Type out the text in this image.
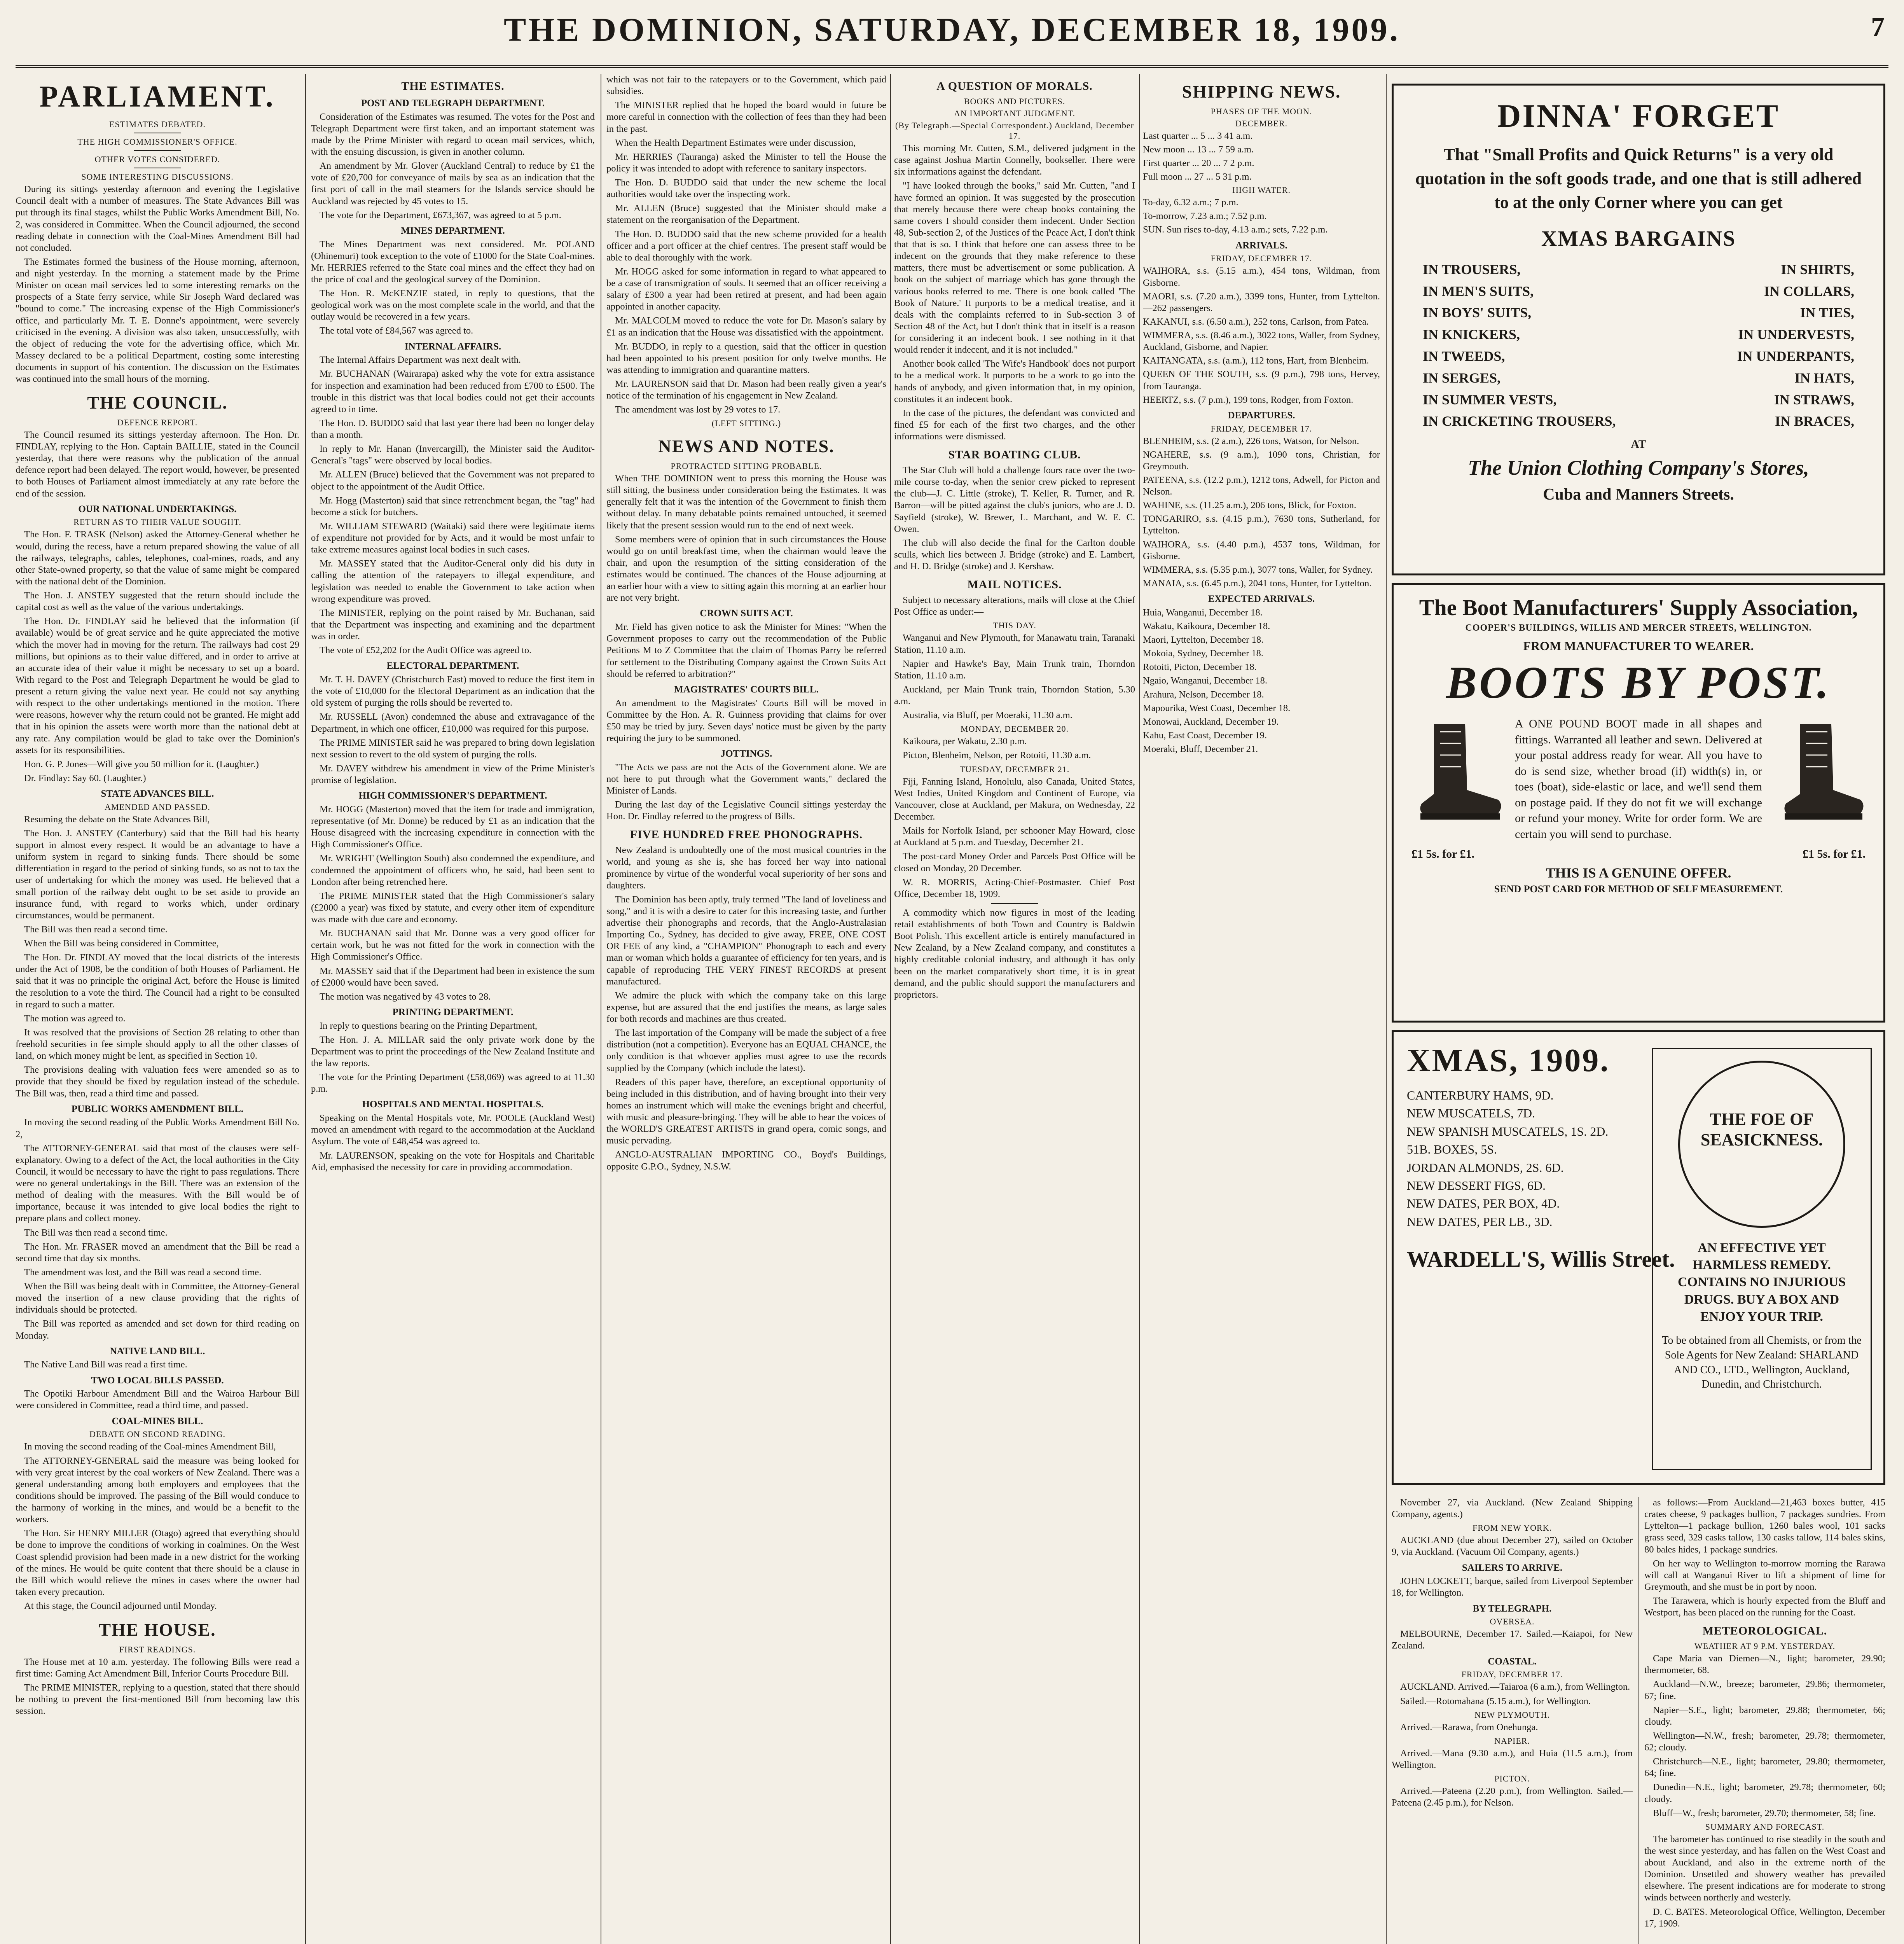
THE DOMINION, SATURDAY, DECEMBER 18, 1909.	7
PARLIAMENT.
ESTIMATES DEBATED.
THE HIGH COMMISSIONER'S OFFICE.
OTHER VOTES CONSIDERED.
SOME INTERESTING DISCUSSIONS.

During its sittings yesterday afternoon and evening the Legislative Council dealt with a number of measures. The State Advances Bill was put through its final stages, whilst the Public Works Amendment Bill, No. 2, was considered in Committee. When the Council adjourned, the second reading debate in connection with the Coal-Mines Amendment Bill had not concluded.

The Estimates formed the business of the House morning, afternoon, and night yesterday. In the morning a statement made by the Prime Minister on ocean mail services led to some interesting remarks on the prospects of a State ferry service, while Sir Joseph Ward declared was "bound to come." The increasing expense of the High Commissioner's office, and particularly Mr. T. E. Donne's appointment, were severely criticised in the evening. A division was also taken, unsuccessfully, with the object of reducing the vote for the advertising office, which Mr. Massey declared to be a political Department, costing some interesting documents in support of his contention. The discussion on the Estimates was continued into the small hours of the morning.

THE COUNCIL.
DEFENCE REPORT.

The Council resumed its sittings yesterday afternoon. The Hon. Dr. FINDLAY, replying to the Hon. Captain BAILLIE, stated in the Council yesterday, that there were reasons why the publication of the annual defence report had been delayed. The report would, however, be presented to both Houses of Parliament almost immediately at any rate before the end of the session.

OUR NATIONAL UNDERTAKINGS.
RETURN AS TO THEIR VALUE SOUGHT.

The Hon. F. TRASK (Nelson) asked the Attorney-General whether he would, during the recess, have a return prepared showing the value of all the railways, telegraphs, cables, telephones, coal-mines, roads, and any other State-owned property, so that the value of same might be compared with the national debt of the Dominion.

The Hon. J. ANSTEY suggested that the return should include the capital cost as well as the value of the various undertakings.

The Hon. Dr. FINDLAY said he believed that the information (if available) would be of great service and he quite appreciated the motive which the mover had in moving for the return. The railways had cost 29 millions, but opinions as to their value differed, and in order to arrive at an accurate idea of their value it might be necessary to set up a board. With regard to the Post and Telegraph Department he would be glad to present a return giving the value next year. He could not say anything with respect to the other undertakings mentioned in the motion. There were reasons, however why the return could not be granted. He might add that in his opinion the assets were worth more than the national debt at any rate. Any compilation would be glad to take over the Dominion's assets for its responsibilities.

Hon. G. P. Jones—Will give you 50 million for it. (Laughter.)

Dr. Findlay: Say 60. (Laughter.)

STATE ADVANCES BILL.
AMENDED AND PASSED.

Resuming the debate on the State Advances Bill,

The Hon. J. ANSTEY (Canterbury) said that the Bill had his hearty support in almost every respect. It would be an advantage to have a uniform system in regard to sinking funds. There should be some differentiation in regard to the period of sinking funds, so as not to tax the user of undertaking for which the money was used. He believed that a small portion of the railway debt ought to be set aside to provide an insurance fund, with regard to works which, under ordinary circumstances, would be permanent.

The Bill was then read a second time.

When the Bill was being considered in Committee,

The Hon. Dr. FINDLAY moved that the local districts of the interests under the Act of 1908, be the condition of both Houses of Parliament. He said that it was no principle the original Act, before the House is limited the resolution to a vote the third. The Council had a right to be consulted in regard to such a matter.

The motion was agreed to.

It was resolved that the provisions of Section 28 relating to other than freehold securities in fee simple should apply to all the other classes of land, on which money might be lent, as specified in Section 10.

The provisions dealing with valuation fees were amended so as to provide that they should be fixed by regulation instead of the schedule. The Bill was, then, read a third time and passed.

PUBLIC WORKS AMENDMENT BILL.

In moving the second reading of the Public Works Amendment Bill No. 2,

The ATTORNEY-GENERAL said that most of the clauses were self-explanatory. Owing to a defect of the Act, the local authorities in the City Council, it would be necessary to have the right to pass regulations. There were no general undertakings in the Bill. There was an extension of the method of dealing with the measures. With the Bill would be of importance, because it was intended to give local bodies the right to prepare plans and collect money.

The Bill was then read a second time.

The Hon. Mr. FRASER moved an amendment that the Bill be read a second time that day six months.

The amendment was lost, and the Bill was read a second time.

When the Bill was being dealt with in Committee, the Attorney-General moved the insertion of a new clause providing that the rights of individuals should be protected.

The Bill was reported as amended and set down for third reading on Monday.

NATIVE LAND BILL.

The Native Land Bill was read a first time.

TWO LOCAL BILLS PASSED.

The Opotiki Harbour Amendment Bill and the Wairoa Harbour Bill were considered in Committee, read a third time, and passed.

COAL-MINES BILL.
DEBATE ON SECOND READING.

In moving the second reading of the Coal-mines Amendment Bill,

The ATTORNEY-GENERAL said the measure was being looked for with very great interest by the coal workers of New Zealand. There was a general understanding among both employers and employees that the conditions should be improved. The passing of the Bill would conduce to the harmony of working in the mines, and would be a benefit to the workers.

The Hon. Sir HENRY MILLER (Otago) agreed that everything should be done to improve the conditions of working in coalmines. On the West Coast splendid provision had been made in a new district for the working of the mines. He would be quite content that there should be a clause in the Bill which would relieve the mines in cases where the owner had taken every precaution.

At this stage, the Council adjourned until Monday.

THE HOUSE.
FIRST READINGS.

The House met at 10 a.m. yesterday. The following Bills were read a first time: Gaming Act Amendment Bill, Inferior Courts Procedure Bill.

The PRIME MINISTER, replying to a question, stated that there should be nothing to prevent the first-mentioned Bill from becoming law this session.

THE ESTIMATES.
POST AND TELEGRAPH DEPARTMENT.

Consideration of the Estimates was resumed. The votes for the Post and Telegraph Department were first taken, and an important statement was made by the Prime Minister with regard to ocean mail services, which, with the ensuing discussion, is given in another column.

An amendment by Mr. Glover (Auckland Central) to reduce by £1 the vote of £20,700 for conveyance of mails by sea as an indication that the first port of call in the mail steamers for the Islands service should be Auckland was rejected by 45 votes to 15.

The vote for the Department, £673,367, was agreed to at 5 p.m.

MINES DEPARTMENT.

The Mines Department was next considered. Mr. POLAND (Ohinemuri) took exception to the vote of £1000 for the State Coal-mines. Mr. HERRIES referred to the State coal mines and the effect they had on the price of coal and the geological survey of the Dominion.

The Hon. R. McKENZIE stated, in reply to questions, that the geological work was on the most complete scale in the world, and that the outlay would be recovered in a few years.

The total vote of £84,567 was agreed to.

INTERNAL AFFAIRS.

The Internal Affairs Department was next dealt with.

Mr. BUCHANAN (Wairarapa) asked why the vote for extra assistance for inspection and examination had been reduced from £700 to £500. The trouble in this district was that local bodies could not get their accounts agreed to in time.

The Hon. D. BUDDO said that last year there had been no longer delay than a month.

In reply to Mr. Hanan (Invercargill), the Minister said the Auditor-General's "tags" were observed by local bodies.

Mr. ALLEN (Bruce) believed that the Government was not prepared to object to the appointment of the Audit Office.

Mr. Hogg (Masterton) said that since retrenchment began, the "tag" had become a stick for butchers.

Mr. WILLIAM STEWARD (Waitaki) said there were legitimate items of expenditure not provided for by Acts, and it would be most unfair to take extreme measures against local bodies in such cases.

Mr. MASSEY stated that the Auditor-General only did his duty in calling the attention of the ratepayers to illegal expenditure, and legislation was needed to enable the Government to take action when wrong expenditure was proved.

The MINISTER, replying on the point raised by Mr. Buchanan, said that the Department was inspecting and examining and the department was in order.

The vote of £52,202 for the Audit Office was agreed to.

ELECTORAL DEPARTMENT.

Mr. T. H. DAVEY (Christchurch East) moved to reduce the first item in the vote of £10,000 for the Electoral Department as an indication that the old system of purging the rolls should be reverted to.

Mr. RUSSELL (Avon) condemned the abuse and extravagance of the Department, in which one officer, £10,000 was required for this purpose.

The PRIME MINISTER said he was prepared to bring down legislation next session to revert to the old system of purging the rolls.

Mr. DAVEY withdrew his amendment in view of the Prime Minister's promise of legislation.

HIGH COMMISSIONER'S DEPARTMENT.

Mr. HOGG (Masterton) moved that the item for trade and immigration, representative (of Mr. Donne) be reduced by £1 as an indication that the House disagreed with the increasing expenditure in connection with the High Commissioner's Office.

Mr. WRIGHT (Wellington South) also condemned the expenditure, and condemned the appointment of officers who, he said, had been sent to London after being retrenched here.

The PRIME MINISTER stated that the High Commissioner's salary (£2000 a year) was fixed by statute, and every other item of expenditure was made with due care and economy.

Mr. BUCHANAN said that Mr. Donne was a very good officer for certain work, but he was not fitted for the work in connection with the High Commissioner's Office.

Mr. MASSEY said that if the Department had been in existence the sum of £2000 would have been saved.

The motion was negatived by 43 votes to 28.

PRINTING DEPARTMENT.

In reply to questions bearing on the Printing Department,

The Hon. J. A. MILLAR said the only private work done by the Department was to print the proceedings of the New Zealand Institute and the law reports.

The vote for the Printing Department (£58,069) was agreed to at 11.30 p.m.

HOSPITALS AND MENTAL HOSPITALS.

Speaking on the Mental Hospitals vote, Mr. POOLE (Auckland West) moved an amendment with regard to the accommodation at the Auckland Asylum. The vote of £48,454 was agreed to.

Mr. LAURENSON, speaking on the vote for Hospitals and Charitable Aid, emphasised the necessity for care in providing accommodation.

which was not fair to the ratepayers or to the Government, which paid subsidies.

The MINISTER replied that he hoped the board would in future be more careful in connection with the collection of fees than they had been in the past.

When the Health Department Estimates were under discussion,

Mr. HERRIES (Tauranga) asked the Minister to tell the House the policy it was intended to adopt with reference to sanitary inspectors.

The Hon. D. BUDDO said that under the new scheme the local authorities would take over the inspecting work.

Mr. ALLEN (Bruce) suggested that the Minister should make a statement on the reorganisation of the Department.

The Hon. D. BUDDO said that the new scheme provided for a health officer and a port officer at the chief centres. The present staff would be able to deal thoroughly with the work.

Mr. HOGG asked for some information in regard to what appeared to be a case of transmigration of souls. It seemed that an officer receiving a salary of £300 a year had been retired at present, and had been again appointed in another capacity.

Mr. MALCOLM moved to reduce the vote for Dr. Mason's salary by £1 as an indication that the House was dissatisfied with the appointment.

Mr. BUDDO, in reply to a question, said that the officer in question had been appointed to his present position for only twelve months. He was attending to immigration and quarantine matters.

Mr. LAURENSON said that Dr. Mason had been really given a year's notice of the termination of his engagement in New Zealand.

The amendment was lost by 29 votes to 17.

(LEFT SITTING.)
NEWS AND NOTES.
PROTRACTED SITTING PROBABLE.

When THE DOMINION went to press this morning the House was still sitting, the business under consideration being the Estimates. It was generally felt that it was the intention of the Government to finish them without delay. In many debatable points remained untouched, it seemed likely that the present session would run to the end of next week.

Some members were of opinion that in such circumstances the House would go on until breakfast time, when the chairman would leave the chair, and upon the resumption of the sitting consideration of the estimates would be continued. The chances of the House adjourning at an earlier hour with a view to sitting again this morning at an earlier hour are not very bright.

CROWN SUITS ACT.

Mr. Field has given notice to ask the Minister for Mines: "When the Government proposes to carry out the recommendation of the Public Petitions M to Z Committee that the claim of Thomas Parry be referred for settlement to the Distributing Company against the Crown Suits Act should be referred to arbitration?"

MAGISTRATES' COURTS BILL.

An amendment to the Magistrates' Courts Bill will be moved in Committee by the Hon. A. R. Guinness providing that claims for over £50 may be tried by jury. Seven days' notice must be given by the party requiring the jury to be summoned.

JOTTINGS.

"The Acts we pass are not the Acts of the Government alone. We are not here to put through what the Government wants," declared the Minister of Lands.

During the last day of the Legislative Council sittings yesterday the Hon. Dr. Findlay referred to the progress of Bills.

FIVE HUNDRED FREE PHONOGRAPHS.

New Zealand is undoubtedly one of the most musical countries in the world, and young as she is, she has forced her way into national prominence by virtue of the wonderful vocal superiority of her sons and daughters.

The Dominion has been aptly, truly termed "The land of loveliness and song," and it is with a desire to cater for this increasing taste, and further advertise their phonographs and records, that the Anglo-Australasian Importing Co., Sydney, has decided to give away, FREE, ONE COST OR FEE of any kind, a "CHAMPION" Phonograph to each and every man or woman which holds a guarantee of efficiency for ten years, and is capable of reproducing THE VERY FINEST RECORDS at present manufactured.

We admire the pluck with which the company take on this large expense, but are assured that the end justifies the means, as large sales for both records and machines are thus created.

The last importation of the Company will be made the subject of a free distribution (not a competition). Everyone has an EQUAL CHANCE, the only condition is that whoever applies must agree to use the records supplied by the Company (which include the latest).

Readers of this paper have, therefore, an exceptional opportunity of being included in this distribution, and of having brought into their very homes an instrument which will make the evenings bright and cheerful, with music and pleasure-bringing. They will be able to hear the voices of the WORLD'S GREATEST ARTISTS in grand opera, comic songs, and music pervading.

ANGLO-AUSTRALIAN IMPORTING CO., Boyd's Buildings, opposite G.P.O., Sydney, N.S.W.

A QUESTION OF MORALS.
BOOKS AND PICTURES.
AN IMPORTANT JUDGMENT.
(By Telegraph.—Special Correspondent.) Auckland, December 17.

This morning Mr. Cutten, S.M., delivered judgment in the case against Joshua Martin Connelly, bookseller. There were six informations against the defendant.

"I have looked through the books," said Mr. Cutten, "and I have formed an opinion. It was suggested by the prosecution that merely because there were cheap books containing the same covers I should consider them indecent. Under Section 48, Sub-section 2, of the Justices of the Peace Act, I don't think that that is so. I think that before one can assess three to be indecent on the grounds that they make reference to these matters, there must be advertisement or some publication. A book on the subject of marriage which has gone through the various books referred to me. There is one book called 'The Book of Nature.' It purports to be a medical treatise, and it deals with the complaints referred to in Sub-section 3 of Section 48 of the Act, but I don't think that in itself is a reason for considering it an indecent book. I see nothing in it that would render it indecent, and it is not included."

Another book called 'The Wife's Handbook' does not purport to be a medical work. It purports to be a work to go into the hands of anybody, and given information that, in my opinion, constitutes it an indecent book.

In the case of the pictures, the defendant was convicted and fined £5 for each of the first two charges, and the other informations were dismissed.

STAR BOATING CLUB.

The Star Club will hold a challenge fours race over the two-mile course to-day, when the senior crew picked to represent the club—J. C. Little (stroke), T. Keller, R. Turner, and R. Barron—will be pitted against the club's juniors, who are J. D. Sayfield (stroke), W. Brewer, L. Marchant, and W. E. C. Owen.

The club will also decide the final for the Carlton double sculls, which lies between J. Bridge (stroke) and E. Lambert, and H. D. Bridge (stroke) and J. Kershaw.

MAIL NOTICES.

Subject to necessary alterations, mails will close at the Chief Post Office as under:—

THIS DAY.

Wanganui and New Plymouth, for Manawatu train, Taranaki Station, 11.10 a.m.

Napier and Hawke's Bay, Main Trunk train, Thorndon Station, 11.10 a.m.

Auckland, per Main Trunk train, Thorndon Station, 5.30 a.m.

Australia, via Bluff, per Moeraki, 11.30 a.m.

MONDAY, DECEMBER 20.

Kaikoura, per Wakatu, 2.30 p.m.

Picton, Blenheim, Nelson, per Rotoiti, 11.30 a.m.

TUESDAY, DECEMBER 21.

Fiji, Fanning Island, Honolulu, also Canada, United States, West Indies, United Kingdom and Continent of Europe, via Vancouver, close at Auckland, per Makura, on Wednesday, 22 December.

Mails for Norfolk Island, per schooner May Howard, close at Auckland at 5 p.m. and Tuesday, December 21.

The post-card Money Order and Parcels Post Office will be closed on Monday, 20 December.

W. R. MORRIS, Acting-Chief-Postmaster. Chief Post Office, December 18, 1909.

A commodity which now figures in most of the leading retail establishments of both Town and Country is Baldwin Boot Polish. This excellent article is entirely manufactured in New Zealand, by a New Zealand company, and constitutes a highly creditable colonial industry, and although it has only been on the market comparatively short time, it is in great demand, and the public should support the manufacturers and proprietors.

SHIPPING NEWS.
PHASES OF THE MOON.
DECEMBER.

Last quarter ... 5 ... 3 41 a.m.

New moon ... 13 ... 7 59 a.m.

First quarter ... 20 ... 7 2 p.m.

Full moon ... 27 ... 5 31 p.m.

HIGH WATER.

To-day, 6.32 a.m.; 7 p.m.

To-morrow, 7.23 a.m.; 7.52 p.m.

SUN. Sun rises to-day, 4.13 a.m.; sets, 7.22 p.m.

ARRIVALS.
FRIDAY, DECEMBER 17.

WAIHORA, s.s. (5.15 a.m.), 454 tons, Wildman, from Gisborne.

MAORI, s.s. (7.20 a.m.), 3399 tons, Hunter, from Lyttelton.—262 passengers.

KAKANUI, s.s. (6.50 a.m.), 252 tons, Carlson, from Patea.

WIMMERA, s.s. (8.46 a.m.), 3022 tons, Waller, from Sydney, Auckland, Gisborne, and Napier.

KAITANGATA, s.s. (a.m.), 112 tons, Hart, from Blenheim.

QUEEN OF THE SOUTH, s.s. (9 p.m.), 798 tons, Hervey, from Tauranga.

HEERTZ, s.s. (7 p.m.), 199 tons, Rodger, from Foxton.

DEPARTURES.
FRIDAY, DECEMBER 17.

BLENHEIM, s.s. (2 a.m.), 226 tons, Watson, for Nelson.

NGAHERE, s.s. (9 a.m.), 1090 tons, Christian, for Greymouth.

PATEENA, s.s. (12.2 p.m.), 1212 tons, Adwell, for Picton and Nelson.

WAHINE, s.s. (11.25 a.m.), 206 tons, Blick, for Foxton.

TONGARIRO, s.s. (4.15 p.m.), 7630 tons, Sutherland, for Lyttelton.

WAIHORA, s.s. (4.40 p.m.), 4537 tons, Wildman, for Gisborne.

WIMMERA, s.s. (5.35 p.m.), 3077 tons, Waller, for Sydney.

MANAIA, s.s. (6.45 p.m.), 2041 tons, Hunter, for Lyttelton.

EXPECTED ARRIVALS.

Huia, Wanganui, December 18.

Wakatu, Kaikoura, December 18.

Maori, Lyttelton, December 18.

Mokoia, Sydney, December 18.

Rotoiti, Picton, December 18.

Ngaio, Wanganui, December 18.

Arahura, Nelson, December 18.

Mapourika, West Coast, December 18.

Monowai, Auckland, December 19.

Kahu, East Coast, December 19.

Moeraki, Bluff, December 21.

DINNA' FORGET
That "Small Profits and Quick Returns" is a very old quotation in the soft goods trade, and one that is still adhered to at the only Corner where you can get
XMAS BARGAINS
IN TROUSERS,	IN SHIRTS,
IN MEN'S SUITS,	IN COLLARS,
IN BOYS' SUITS,	IN TIES,
IN KNICKERS,	IN UNDERVESTS,
IN TWEEDS,	IN UNDERPANTS,
IN SERGES,	IN HATS,
IN SUMMER VESTS,	IN STRAWS,
IN CRICKETING TROUSERS,	IN BRACES,
AT
The Union Clothing Company's Stores,
Cuba and Manners Streets.
The Boot Manufacturers' Supply Association,
COOPER'S BUILDINGS, WILLIS AND MERCER STREETS, WELLINGTON.
FROM MANUFACTURER TO WEARER.
BOOTS BY POST.
A ONE POUND BOOT made in all shapes and fittings. Warranted all leather and sewn. Delivered at your postal address ready for wear. All you have to do is send size, whether broad (if) width(s) in, or toes (boat), side-elastic or lace, and we'll send them on postage paid. If they do not fit we will exchange or refund your money. Write for order form. We are certain you will send to purchase.
£1 5s. for £1.	£1 5s. for £1.
THIS IS A GENUINE OFFER.
SEND POST CARD FOR METHOD OF SELF MEASUREMENT.
XMAS, 1909.
CANTERBURY HAMS, 9D.
NEW MUSCATELS, 7D.
NEW SPANISH MUSCATELS, 1S. 2D.
51B. BOXES, 5S.
JORDAN ALMONDS, 2S. 6D.
NEW DESSERT FIGS, 6D.
NEW DATES, PER BOX, 4D.
NEW DATES, PER LB., 3D.
WARDELL'S, Willis Street.
THE FOE OF SEASICKNESS.
AN EFFECTIVE YET HARMLESS REMEDY. CONTAINS NO INJURIOUS DRUGS. BUY A BOX AND ENJOY YOUR TRIP.
To be obtained from all Chemists, or from the Sole Agents for New Zealand: SHARLAND AND CO., LTD., Wellington, Auckland, Dunedin, and Christchurch.

November 27, via Auckland. (New Zealand Shipping Company, agents.)

FROM NEW YORK.

AUCKLAND (due about December 27), sailed on October 9, via Auckland. (Vacuum Oil Company, agents.)

SAILERS TO ARRIVE.

JOHN LOCKETT, barque, sailed from Liverpool September 18, for Wellington.

BY TELEGRAPH.
OVERSEA.

MELBOURNE, December 17. Sailed.—Kaiapoi, for New Zealand.

COASTAL.
FRIDAY, DECEMBER 17.

AUCKLAND. Arrived.—Taiaroa (6 a.m.), from Wellington.

Sailed.—Rotomahana (5.15 a.m.), for Wellington.

NEW PLYMOUTH.

Arrived.—Rarawa, from Onehunga.

NAPIER.

Arrived.—Mana (9.30 a.m.), and Huia (11.5 a.m.), from Wellington.

PICTON.

Arrived.—Pateena (2.20 p.m.), from Wellington. Sailed.—Pateena (2.45 p.m.), for Nelson.

as follows:—From Auckland—21,463 boxes butter, 415 crates cheese, 9 packages bullion, 7 packages sundries. From Lyttelton—1 package bullion, 1260 bales wool, 101 sacks grass seed, 329 casks tallow, 130 casks tallow, 114 bales skins, 80 bales hides, 1 package sundries.

On her way to Wellington to-morrow morning the Rarawa will call at Wanganui River to lift a shipment of lime for Greymouth, and she must be in port by noon.

The Tarawera, which is hourly expected from the Bluff and Westport, has been placed on the running for the Coast.

METEOROLOGICAL.
WEATHER AT 9 P.M. YESTERDAY.

Cape Maria van Diemen—N., light; barometer, 29.90; thermometer, 68.

Auckland—N.W., breeze; barometer, 29.86; thermometer, 67; fine.

Napier—S.E., light; barometer, 29.88; thermometer, 66; cloudy.

Wellington—N.W., fresh; barometer, 29.78; thermometer, 62; cloudy.

Christchurch—N.E., light; barometer, 29.80; thermometer, 64; fine.

Dunedin—N.E., light; barometer, 29.78; thermometer, 60; cloudy.

Bluff—W., fresh; barometer, 29.70; thermometer, 58; fine.

SUMMARY AND FORECAST.

The barometer has continued to rise steadily in the south and the west since yesterday, and has fallen on the West Coast and about Auckland, and also in the extreme north of the Dominion. Unsettled and showery weather has prevailed elsewhere. The present indications are for moderate to strong winds between northerly and westerly.

D. C. BATES. Meteorological Office, Wellington, December 17, 1909.
